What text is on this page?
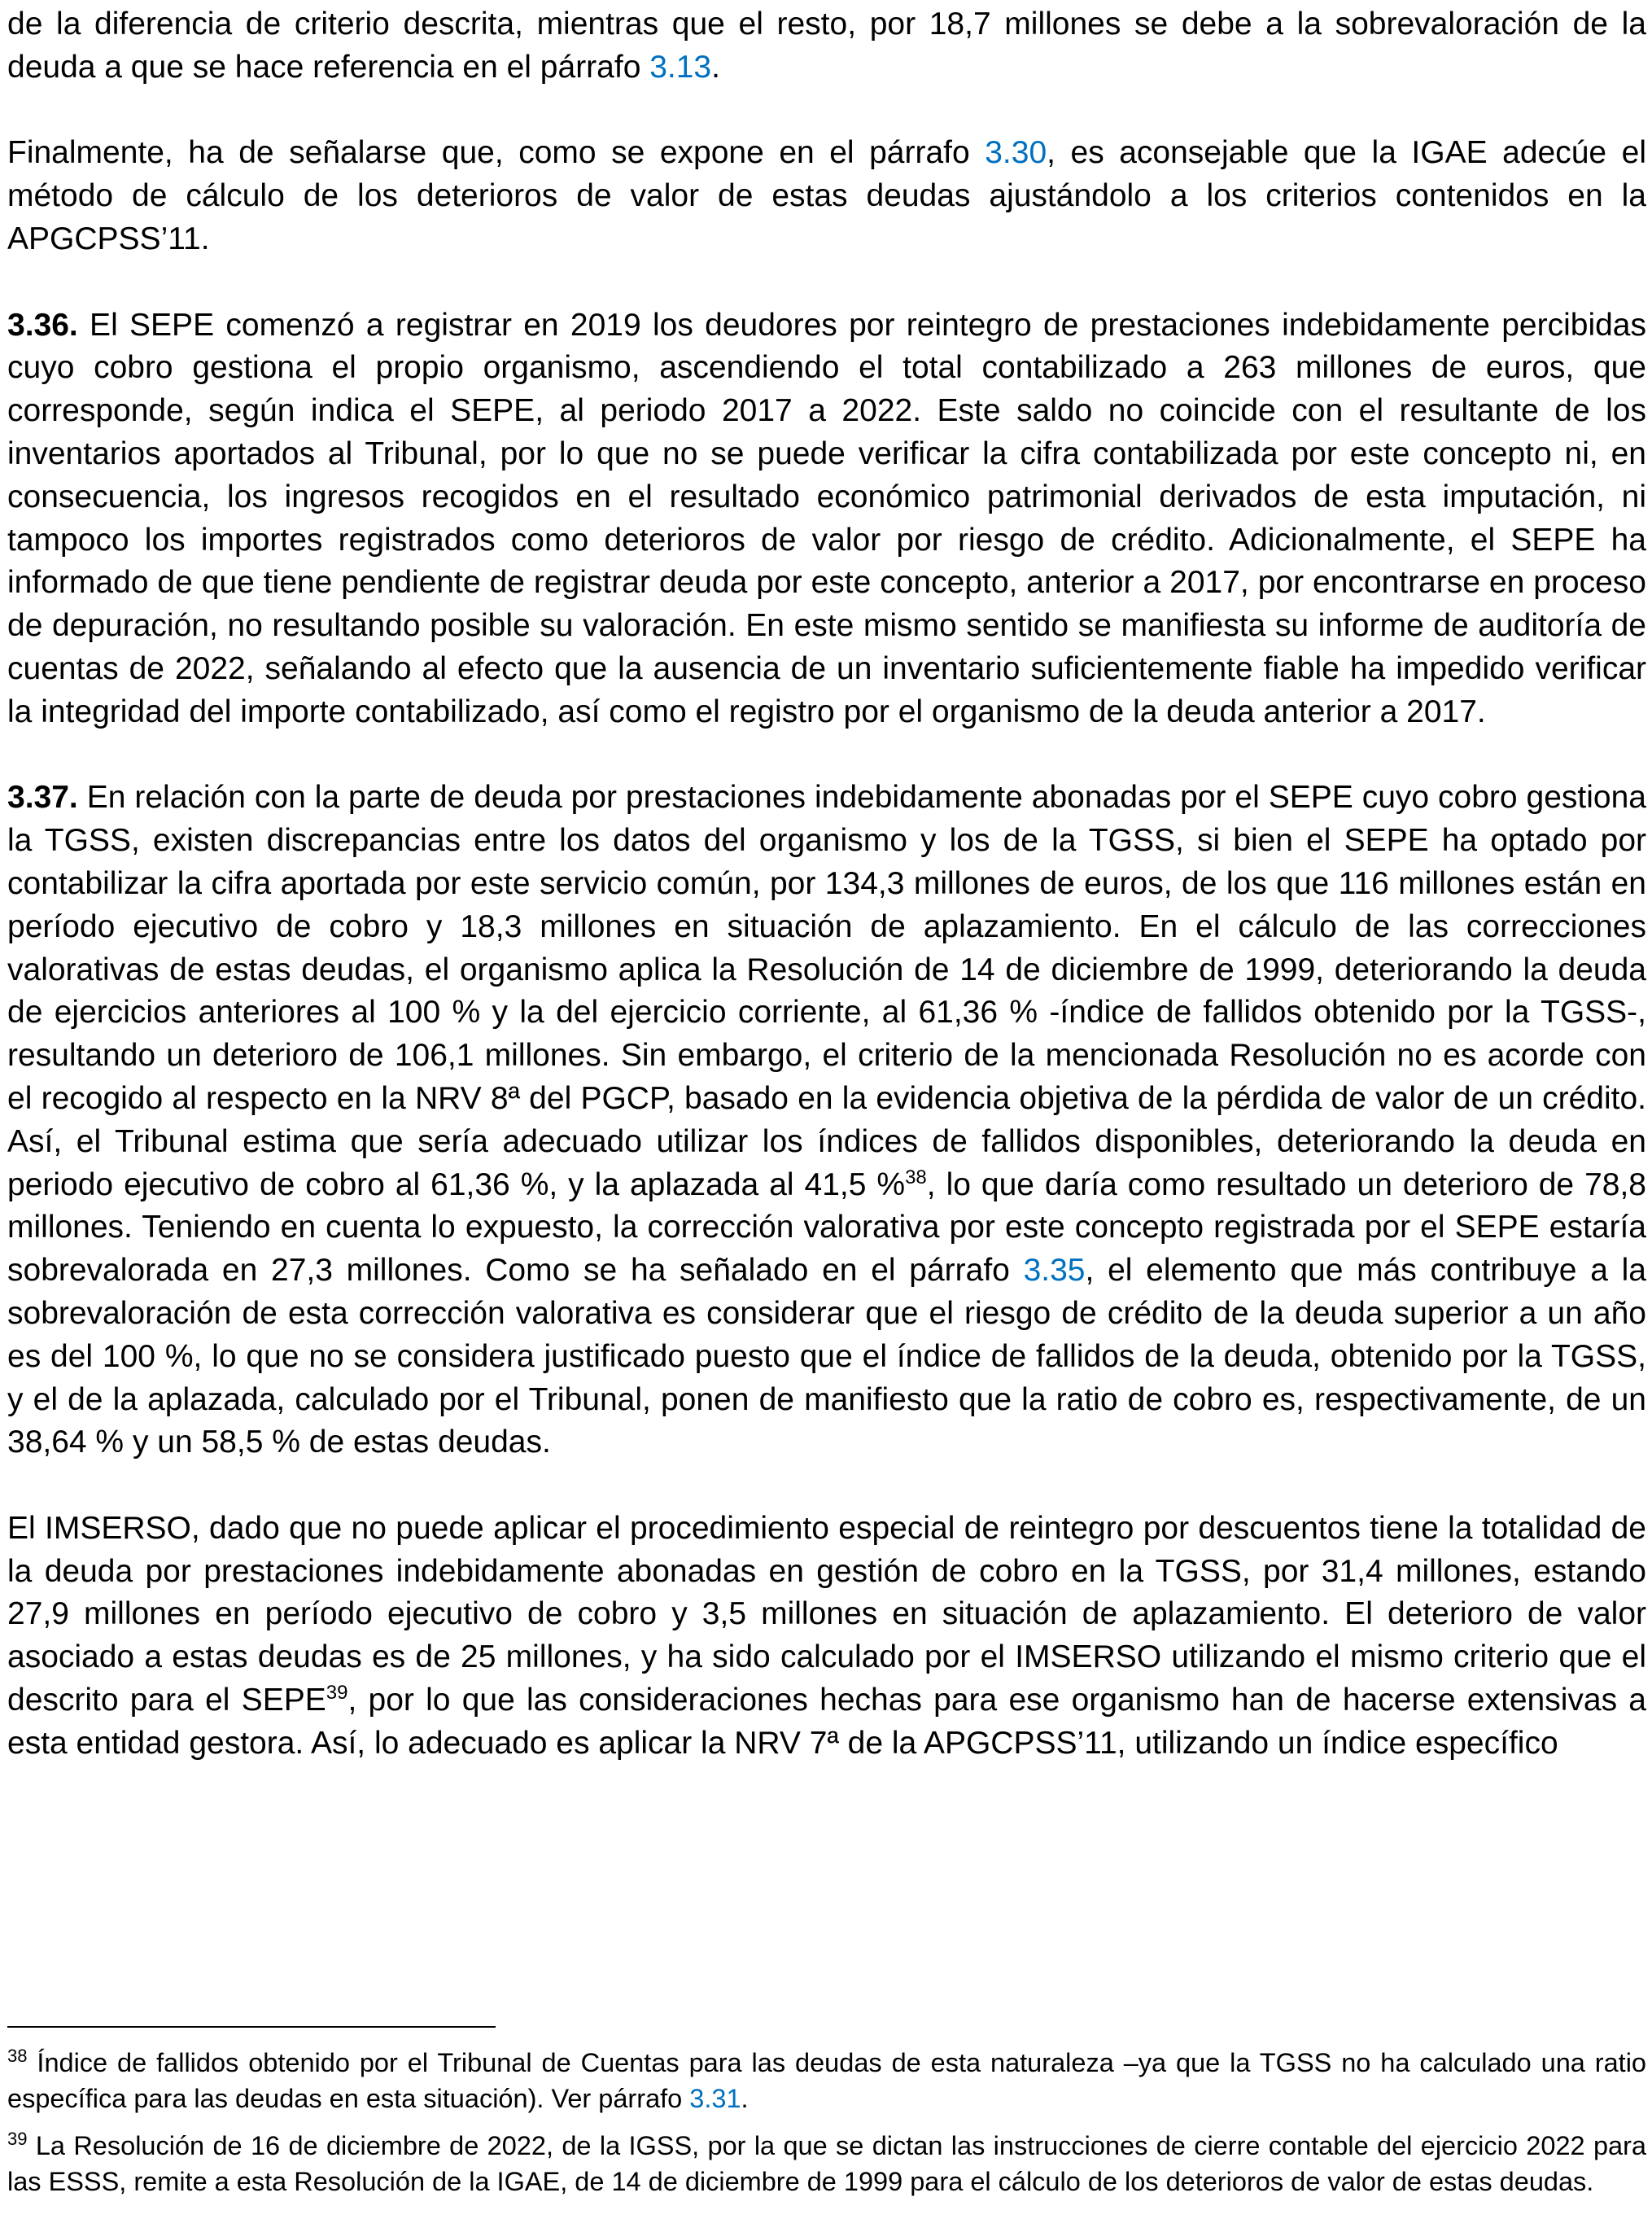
de la diferencia de criterio descrita, mientras que el resto, por 18,7 millones se debe a la sobrevaloración de la deuda a que se hace referencia en el párrafo 3.13.

Finalmente, ha de señalarse que, como se expone en el párrafo 3.30, es aconsejable que la IGAE adecúe el método de cálculo de los deterioros de valor de estas deudas ajustándolo a los criterios contenidos en la APGCPSS’11.

3.36. El SEPE comenzó a registrar en 2019 los deudores por reintegro de prestaciones indebidamente percibidas cuyo cobro gestiona el propio organismo, ascendiendo el total contabilizado a 263 millones de euros, que corresponde, según indica el SEPE, al periodo 2017 a 2022. Este saldo no coincide con el resultante de los inventarios aportados al Tribunal, por lo que no se puede verificar la cifra contabilizada por este concepto ni, en consecuencia, los ingresos recogidos en el resultado económico patrimonial derivados de esta imputación, ni tampoco los importes registrados como deterioros de valor por riesgo de crédito. Adicionalmente, el SEPE ha informado de que tiene pendiente de registrar deuda por este concepto, anterior a 2017, por encontrarse en proceso de depuración, no resultando posible su valoración. En este mismo sentido se manifiesta su informe de auditoría de cuentas de 2022, señalando al efecto que la ausencia de un inventario suficientemente fiable ha impedido verificar la integridad del importe contabilizado, así como el registro por el organismo de la deuda anterior a 2017.

3.37. En relación con la parte de deuda por prestaciones indebidamente abonadas por el SEPE cuyo cobro gestiona la TGSS, existen discrepancias entre los datos del organismo y los de la TGSS, si bien el SEPE ha optado por contabilizar la cifra aportada por este servicio común, por 134,3 millones de euros, de los que 116 millones están en período ejecutivo de cobro y 18,3 millones en situación de aplazamiento. En el cálculo de las correcciones valorativas de estas deudas, el organismo aplica la Resolución de 14 de diciembre de 1999, deteriorando la deuda de ejercicios anteriores al 100 % y la del ejercicio corriente, al 61,36 % -índice de fallidos obtenido por la TGSS-, resultando un deterioro de 106,1 millones. Sin embargo, el criterio de la mencionada Resolución no es acorde con el recogido al respecto en la NRV 8ª del PGCP, basado en la evidencia objetiva de la pérdida de valor de un crédito. Así, el Tribunal estima que sería adecuado utilizar los índices de fallidos disponibles, deteriorando la deuda en periodo ejecutivo de cobro al 61,36 %, y la aplazada al 41,5 %$^{38}$, lo que daría como resultado un deterioro de 78,8 millones. Teniendo en cuenta lo expuesto, la corrección valorativa por este concepto registrada por el SEPE estaría sobrevalorada en 27,3 millones. Como se ha señalado en el párrafo 3.35, el elemento que más contribuye a la sobrevaloración de esta corrección valorativa es considerar que el riesgo de crédito de la deuda superior a un año es del 100 %, lo que no se considera justificado puesto que el índice de fallidos de la deuda, obtenido por la TGSS, y el de la aplazada, calculado por el Tribunal, ponen de manifiesto que la ratio de cobro es, respectivamente, de un 38,64 % y un 58,5 % de estas deudas.

El IMSERSO, dado que no puede aplicar el procedimiento especial de reintegro por descuentos tiene la totalidad de la deuda por prestaciones indebidamente abonadas en gestión de cobro en la TGSS, por 31,4 millones, estando 27,9 millones en período ejecutivo de cobro y 3,5 millones en situación de aplazamiento. El deterioro de valor asociado a estas deudas es de 25 millones, y ha sido calculado por el IMSERSO utilizando el mismo criterio que el descrito para el SEPE$^{39}$, por lo que las consideraciones hechas para ese organismo han de hacerse extensivas a esta entidad gestora. Así, lo adecuado es aplicar la NRV 7ª de la APGCPSS’11, utilizando un índice específico

$^{38}$ Índice de fallidos obtenido por el Tribunal de Cuentas para las deudas de esta naturaleza –ya que la TGSS no ha calculado una ratio específica para las deudas en esta situación). Ver párrafo 3.31.

$^{39}$ La Resolución de 16 de diciembre de 2022, de la IGSS, por la que se dictan las instrucciones de cierre contable del ejercicio 2022 para las ESSS, remite a esta Resolución de la IGAE, de 14 de diciembre de 1999 para el cálculo de los deterioros de valor de estas deudas.
